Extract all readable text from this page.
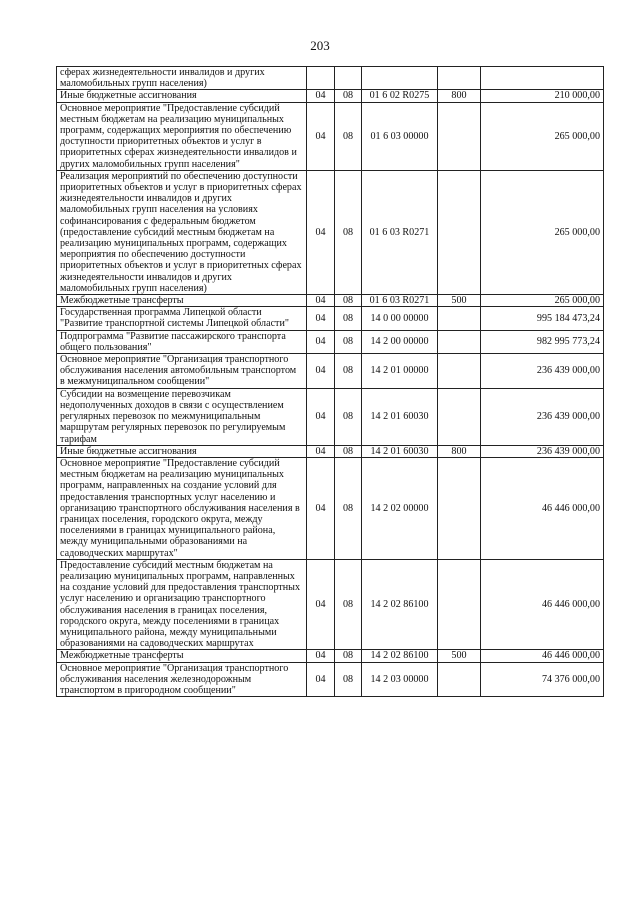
203
сферах жизнедеятельности инвалидов и других маломобильных групп населения)					
Иные бюджетные ассигнования	04	08	01 6 02 R0275	800	210 000,00
Основное мероприятие "Предоставление субсидий местным бюджетам на реализацию муниципальных программ, содержащих мероприятия по обеспечению доступности приоритетных объектов и услуг в приоритетных сферах жизнедеятельности инвалидов и других маломобильных групп населения"	04	08	01 6 03 00000		265 000,00
Реализация мероприятий по обеспечению доступности приоритетных объектов и услуг в приоритетных сферах жизнедеятельности инвалидов и других маломобильных групп населения на условиях софинансирования с федеральным бюджетом (предоставление субсидий местным бюджетам на реализацию муниципальных программ, содержащих мероприятия по обеспечению доступности приоритетных объектов и услуг в приоритетных сферах жизнедеятельности инвалидов и других маломобильных групп населения)	04	08	01 6 03 R0271		265 000,00
Межбюджетные трансферты	04	08	01 6 03 R0271	500	265 000,00
Государственная программа Липецкой области "Развитие транспортной системы Липецкой области"	04	08	14 0 00 00000		995 184 473,24
Подпрограмма "Развитие пассажирского транспорта общего пользования"	04	08	14 2 00 00000		982 995 773,24
Основное мероприятие "Организация транспортного обслуживания населения автомобильным транспортом в межмуниципальном сообщении"	04	08	14 2 01 00000		236 439 000,00
Субсидии на возмещение перевозчикам недополученных доходов в связи с осуществлением регулярных перевозок по межмуниципальным маршрутам регулярных перевозок по регулируемым тарифам	04	08	14 2 01 60030		236 439 000,00
Иные бюджетные ассигнования	04	08	14 2 01 60030	800	236 439 000,00
Основное мероприятие "Предоставление субсидий местным бюджетам на реализацию муниципальных программ, направленных на создание условий для предоставления транспортных услуг населению и организацию транспортного обслуживания населения в границах поселения, городского округа, между поселениями в границах муниципального района, между муниципальными образованиями на садоводческих маршрутах"	04	08	14 2 02 00000		46 446 000,00
Предоставление субсидий местным бюджетам на реализацию муниципальных программ, направленных на создание условий для предоставления транспортных услуг населению и организацию транспортного обслуживания населения в границах поселения, городского округа, между поселениями в границах муниципального района, между муниципальными образованиями на садоводческих маршрутах	04	08	14 2 02 86100		46 446 000,00
Межбюджетные трансферты	04	08	14 2 02 86100	500	46 446 000,00
Основное мероприятие "Организация транспортного обслуживания населения железнодорожным транспортом в пригородном сообщении"	04	08	14 2 03 00000		74 376 000,00
